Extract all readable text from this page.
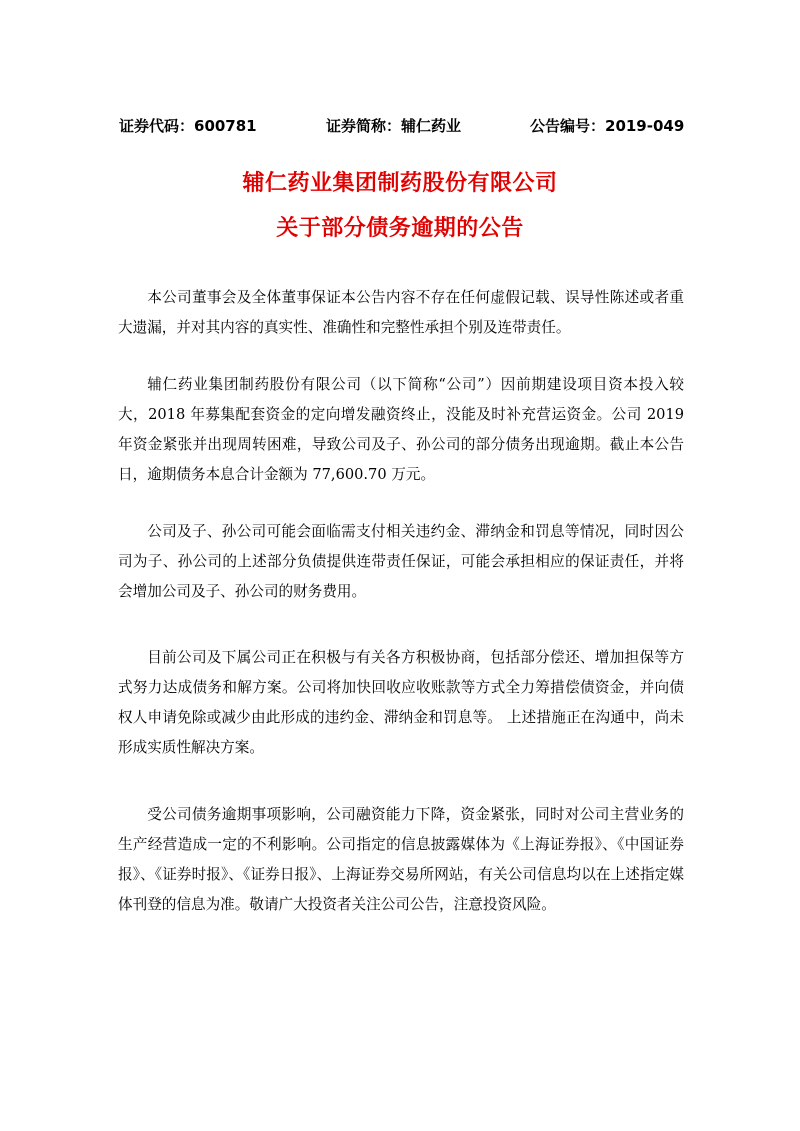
证券代码：600781	证券简称：辅仁药业	公告编号：2019-049
辅仁药业集团制药股份有限公司
关于部分债务逾期的公告

本公司董事会及全体董事保证本公告内容不存在任何虚假记载、误导性陈述或者重大遗漏，并对其内容的真实性、准确性和完整性承担个别及连带责任。

辅仁药业集团制药股份有限公司（以下简称“公司”）因前期建设项目资本投入较大，2018 年募集配套资金的定向增发融资终止，没能及时补充营运资金。公司 2019 年资金紧张并出现周转困难，导致公司及子、孙公司的部分债务出现逾期。截止本公告日，逾期债务本息合计金额为 77,600.70 万元。

公司及子、孙公司可能会面临需支付相关违约金、滞纳金和罚息等情况，同时因公司为子、孙公司的上述部分负债提供连带责任保证，可能会承担相应的保证责任，并将会增加公司及子、孙公司的财务费用。

目前公司及下属公司正在积极与有关各方积极协商，包括部分偿还、增加担保等方式努力达成债务和解方案。公司将加快回收应收账款等方式全力筹措偿债资金，并向债权人申请免除或减少由此形成的违约金、滞纳金和罚息等。 上述措施正在沟通中，尚未形成实质性解决方案。

受公司债务逾期事项影响，公司融资能力下降，资金紧张，同时对公司主营业务的生产经营造成一定的不利影响。公司指定的信息披露媒体为《上海证券报》、《中国证券报》、《证券时报》、《证券日报》、上海证券交易所网站，有关公司信息均以在上述指定媒体刊登的信息为准。敬请广大投资者关注公司公告，注意投资风险。
